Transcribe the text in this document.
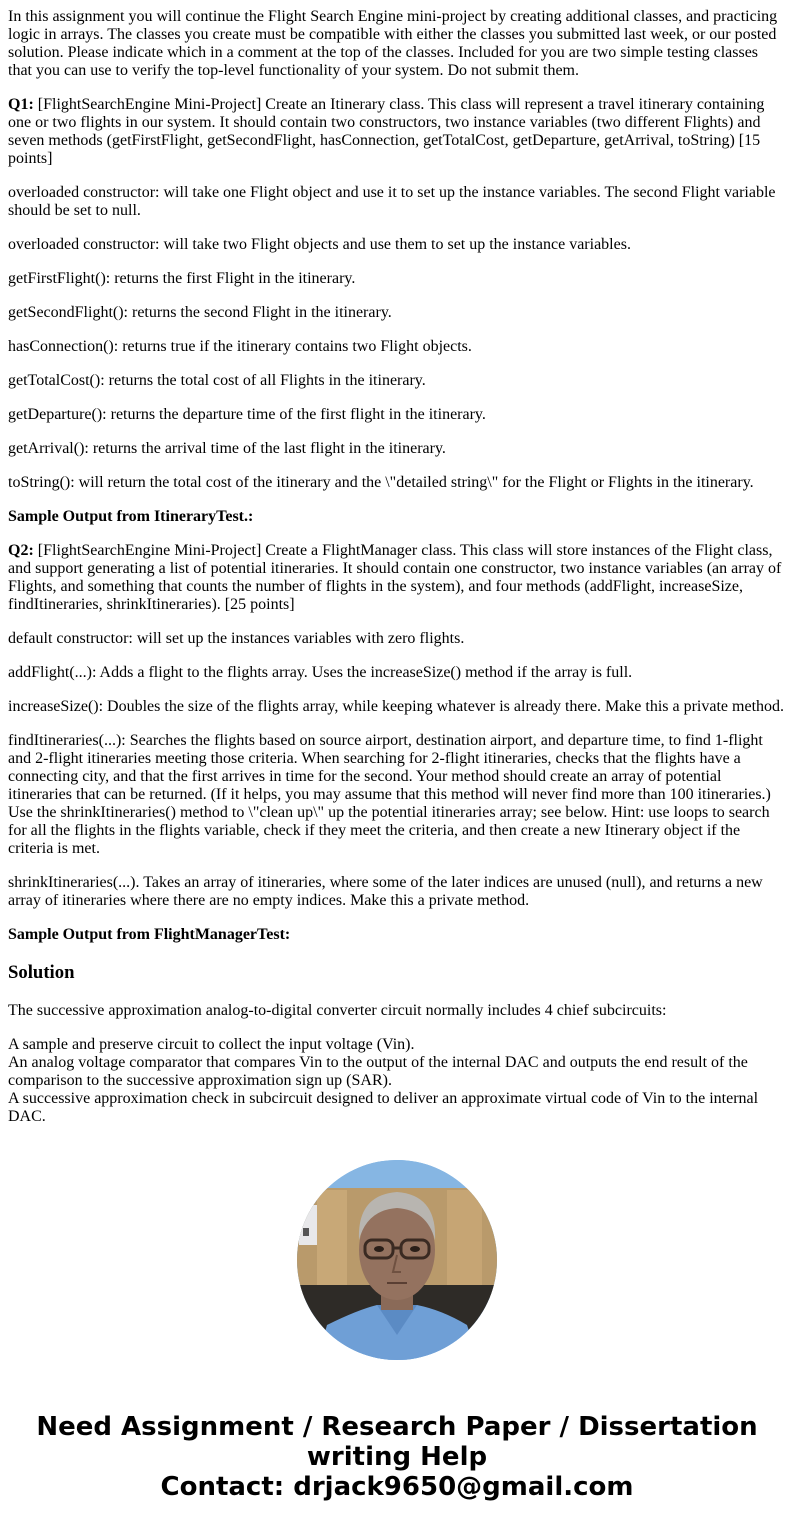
In this assignment you will continue the Flight Search Engine mini-project by creating additional classes, and practicing logic in arrays. The classes you create must be compatible with either the classes you submitted last week, or our posted solution. Please indicate which in a comment at the top of the classes. Included for you are two simple testing classes that you can use to verify the top-level functionality of your system. Do not submit them.

Q1: [FlightSearchEngine Mini-Project] Create an Itinerary class. This class will represent a travel itinerary containing one or two flights in our system. It should contain two constructors, two instance variables (two different Flights) and seven methods (getFirstFlight, getSecondFlight, hasConnection, getTotalCost, getDeparture, getArrival, toString) [15 points]

overloaded constructor: will take one Flight object and use it to set up the instance variables. The second Flight variable should be set to null.

overloaded constructor: will take two Flight objects and use them to set up the instance variables.

getFirstFlight(): returns the first Flight in the itinerary.

getSecondFlight(): returns the second Flight in the itinerary.

hasConnection(): returns true if the itinerary contains two Flight objects.

getTotalCost(): returns the total cost of all Flights in the itinerary.

getDeparture(): returns the departure time of the first flight in the itinerary.

getArrival(): returns the arrival time of the last flight in the itinerary.

toString(): will return the total cost of the itinerary and the \"detailed string\" for the Flight or Flights in the itinerary.

Sample Output from ItineraryTest.:

Q2: [FlightSearchEngine Mini-Project] Create a FlightManager class. This class will store instances of the Flight class, and support generating a list of potential itineraries. It should contain one constructor, two instance variables (an array of Flights, and something that counts the number of flights in the system), and four methods (addFlight, increaseSize, findItineraries, shrinkItineraries). [25 points]

default constructor: will set up the instances variables with zero flights.

addFlight(...): Adds a flight to the flights array. Uses the increaseSize() method if the array is full.

increaseSize(): Doubles the size of the flights array, while keeping whatever is already there. Make this a private method.

findItineraries(...): Searches the flights based on source airport, destination airport, and departure time, to find 1-flight and 2-flight itineraries meeting those criteria. When searching for 2-flight itineraries, checks that the flights have a connecting city, and that the first arrives in time for the second. Your method should create an array of potential itineraries that can be returned. (If it helps, you may assume that this method will never find more than 100 itineraries.) Use the shrinkItineraries() method to \"clean up\" up the potential itineraries array; see below. Hint: use loops to search for all the flights in the flights variable, check if they meet the criteria, and then create a new Itinerary object if the criteria is met.

shrinkItineraries(...). Takes an array of itineraries, where some of the later indices are unused (null), and returns a new array of itineraries where there are no empty indices. Make this a private method.

Sample Output from FlightManagerTest:

Solution

The successive approximation analog-to-digital converter circuit normally includes 4 chief subcircuits:

A sample and preserve circuit to collect the input voltage (Vin).
An analog voltage comparator that compares Vin to the output of the internal DAC and outputs the end result of the comparison to the successive approximation sign up (SAR).
A successive approximation check in subcircuit designed to deliver an approximate virtual code of Vin to the internal DAC.
Need Assignment / Research Paper / Dissertation writing Help
Contact: drjack9650@gmail.com
